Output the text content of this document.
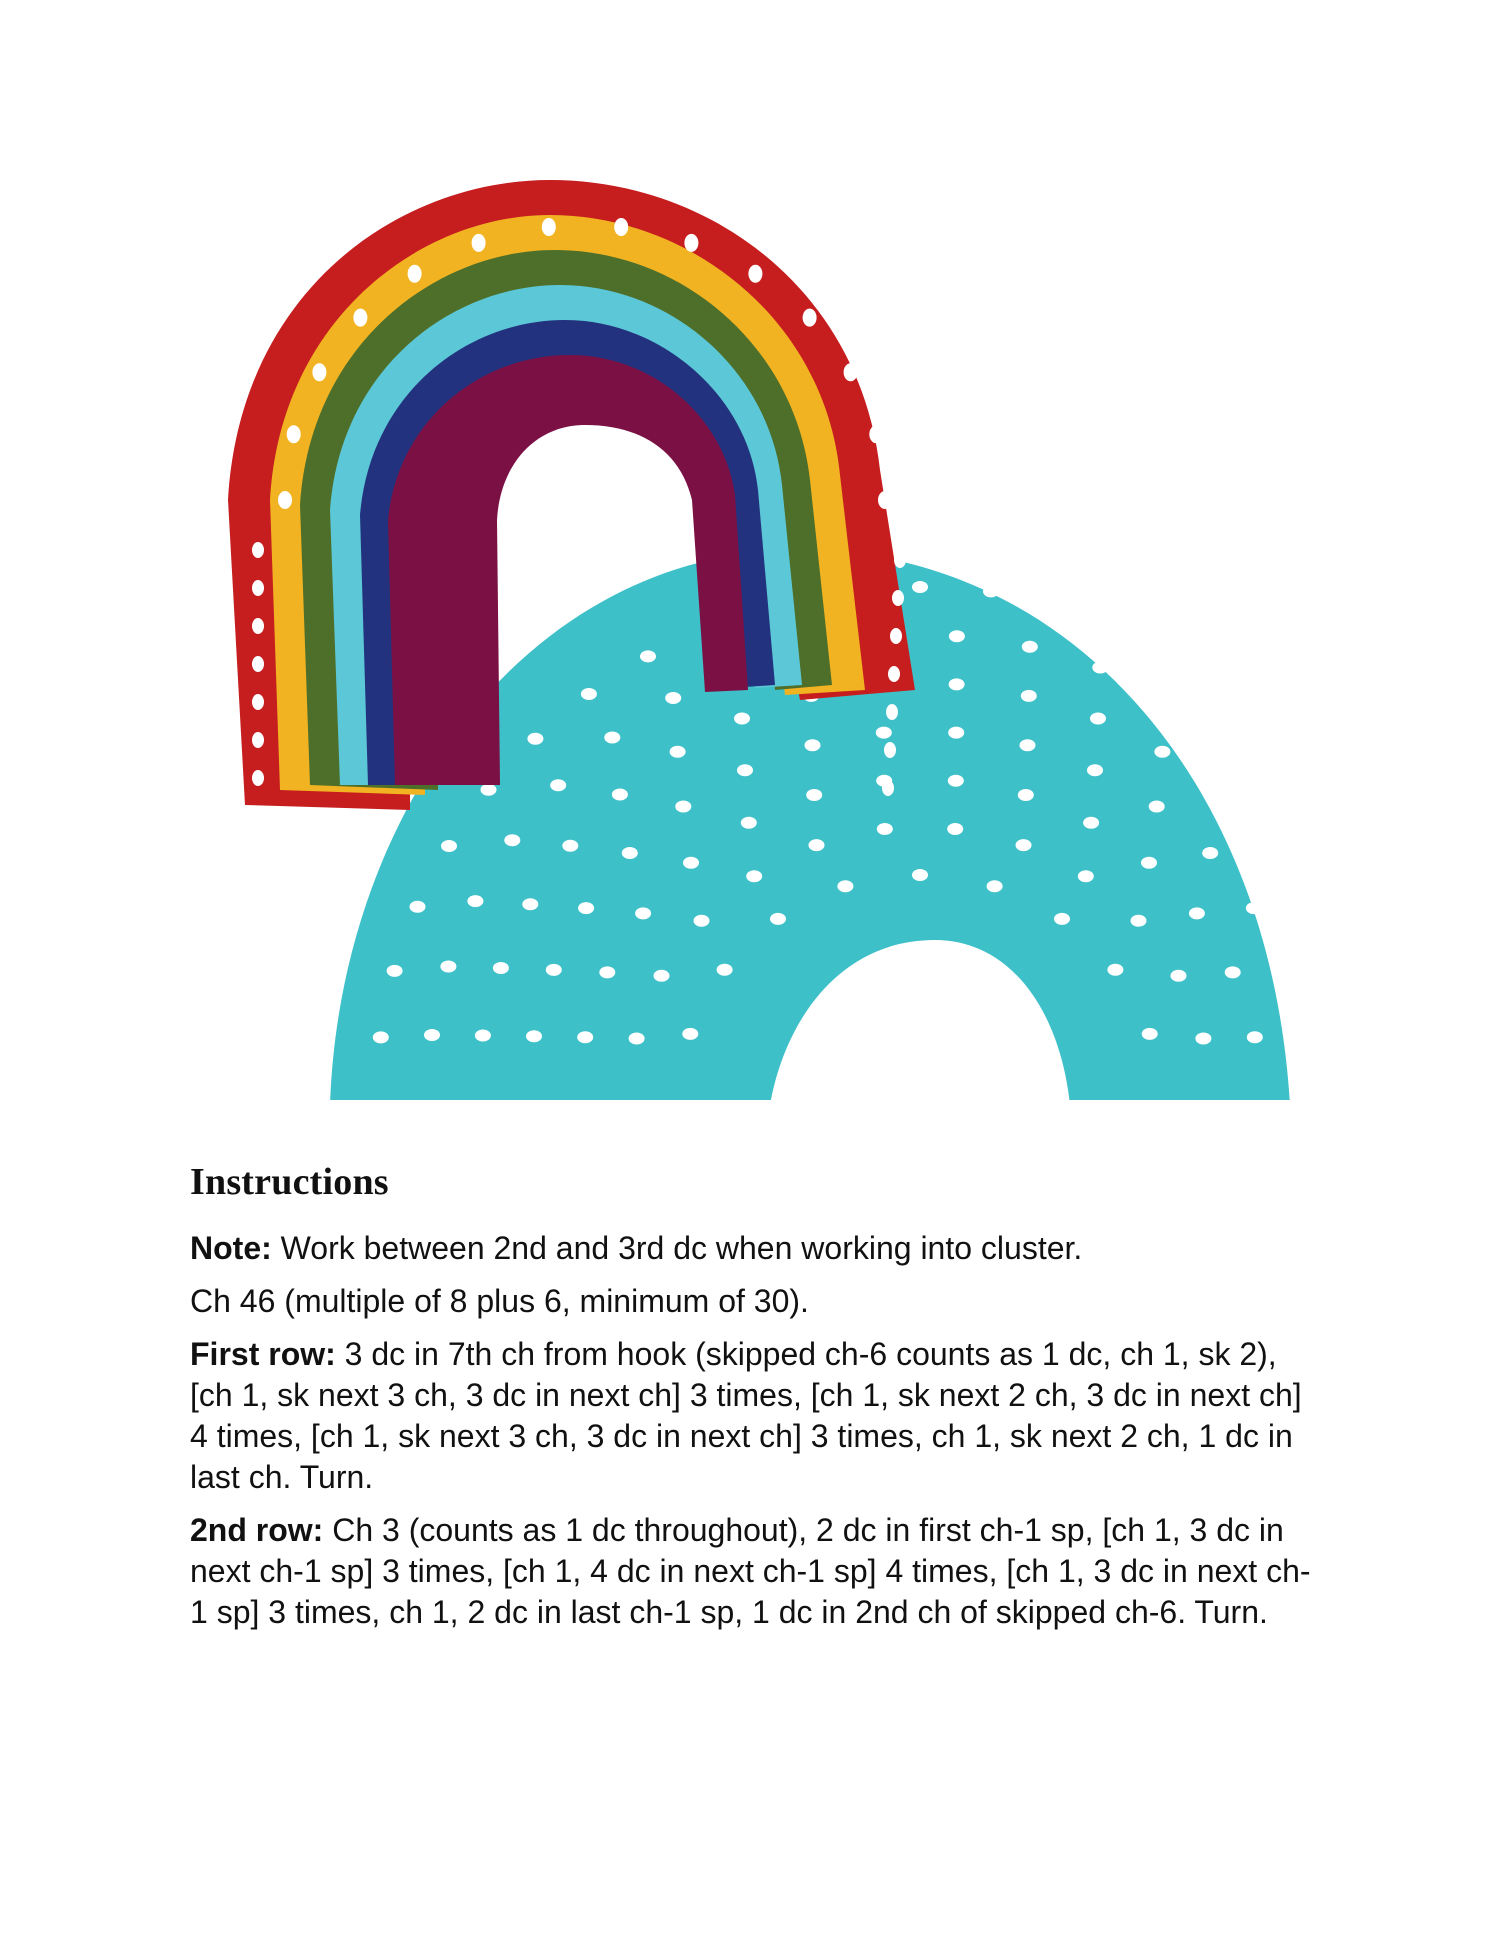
Instructions

Note: Work between 2nd and 3rd dc when working into cluster.

Ch 46 (multiple of 8 plus 6, minimum of 30).

First row: 3 dc in 7th ch from hook (skipped ch-6 counts as 1 dc, ch 1, sk 2), [ch 1, sk next 3 ch, 3 dc in next ch] 3 times, [ch 1, sk next 2 ch, 3 dc in next ch] 4 times, [ch 1, sk next 3 ch, 3 dc in next ch] 3 times, ch 1, sk next 2 ch, 1 dc in last ch. Turn.

2nd row: Ch 3 (counts as 1 dc throughout), 2 dc in first ch-1 sp, [ch 1, 3 dc in next ch-1 sp] 3 times, [ch 1, 4 dc in next ch-1 sp] 4 times, [ch 1, 3 dc in next ch-1 sp] 3 times, ch 1, 2 dc in last ch-1 sp, 1 dc in 2nd ch of skipped ch-6. Turn.
